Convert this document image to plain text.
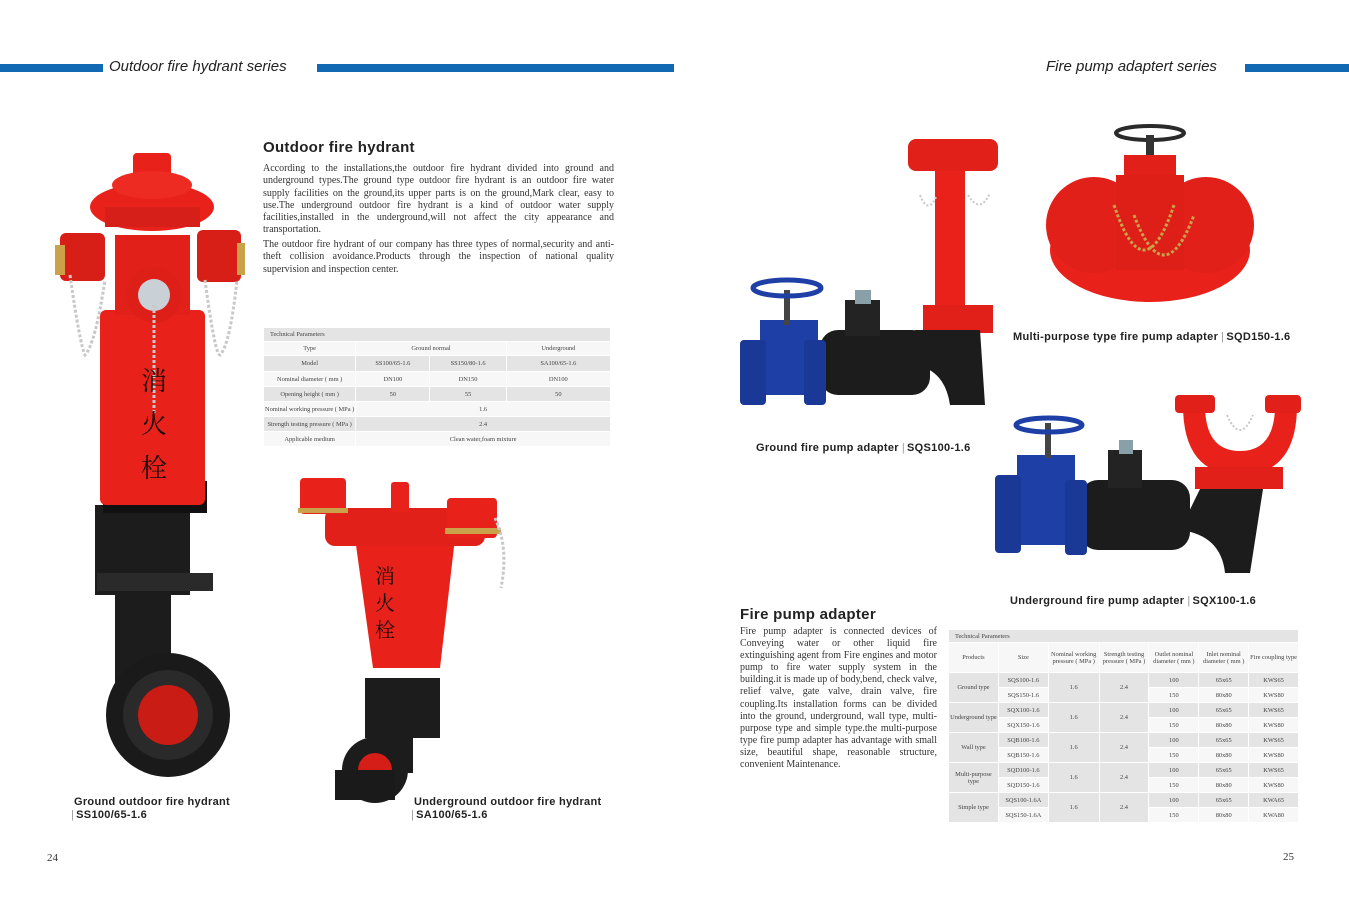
Outdoor fire hydrant series
Outdoor fire hydrant
According to the installations,the outdoor fire hydrant divided into ground and underground types.The ground type outdoor fire hydrant is an outdoor fire water supply facilities on the ground,its upper parts is on the ground,Mark clear, easy to use.The underground outdoor fire hydrant is a kind of outdoor water supply facilities,installed in the underground,will not affect the city appearance and transportation.
The outdoor fire hydrant of our company has three types of normal,security and anti-theft collision avoidance.Products through the inspection of national quality supervision and inspection center.
Technical Parameters			
Type	Ground normal		Underground
Model	SS100/65-1.6	SS150/80-1.6	SA100/65-1.6
Nominal diameter ( mm )	DN100	DN150	DN100
Opening height ( mm )	50	55	50
Nominal working pressure ( MPa )	1.6		
Strength testing pressure ( MPa )	2.4		
Applicable medium	Clean water,foam mixture		
消
火
栓
Ground outdoor fire hydrant
| SS100/65-1.6
消
火
栓
Underground outdoor fire hydrant
| SA100/65-1.6
24
Fire pump adaptert series
Ground fire pump adapter | SQS100-1.6
Multi-purpose type fire pump adapter | SQD150-1.6
Underground fire pump adapter | SQX100-1.6
Fire pump adapter
Fire pump adapter is connected devices of Conveying water or other liquid fire extinguishing agent from Fire engines and motor pump to fire water supply system in the building.it is made up of body,bend, check valve, relief valve, gate valve, drain valve, fire coupling.Its installation forms can be divided into the ground, underground, wall type, multi-purpose type and simple type.the multi-purpose type fire pump adapter has advantage with small size, beautiful shape, reasonable structure, convenient Maintenance.
Technical Parameters						
Products	Size	Nominal working pressure ( MPa )	Strength testing pressure ( MPa )	Outlet nominal diameter ( mm )	Inlet nominal diameter ( mm )	Fire coupling type
Ground type	SQS100-1.6	1.6	2.4	100	65x65	KWS65
	SQS150-1.6			150	80x80	KWS80
Underground type	SQX100-1.6	1.6	2.4	100	65x65	KWS65
	SQX150-1.6			150	80x80	KWS80
Wall type	SQB100-1.6	1.6	2.4	100	65x65	KWS65
	SQB150-1.6			150	80x80	KWS80
Multi-purpose type	SQD100-1.6	1.6	2.4	100	65x65	KWS65
	SQD150-1.6			150	80x80	KWS80
Simple type	SQS100-1.6A	1.6	2.4	100	65x65	KWA65
	SQS150-1.6A			150	80x80	KWA80
25
